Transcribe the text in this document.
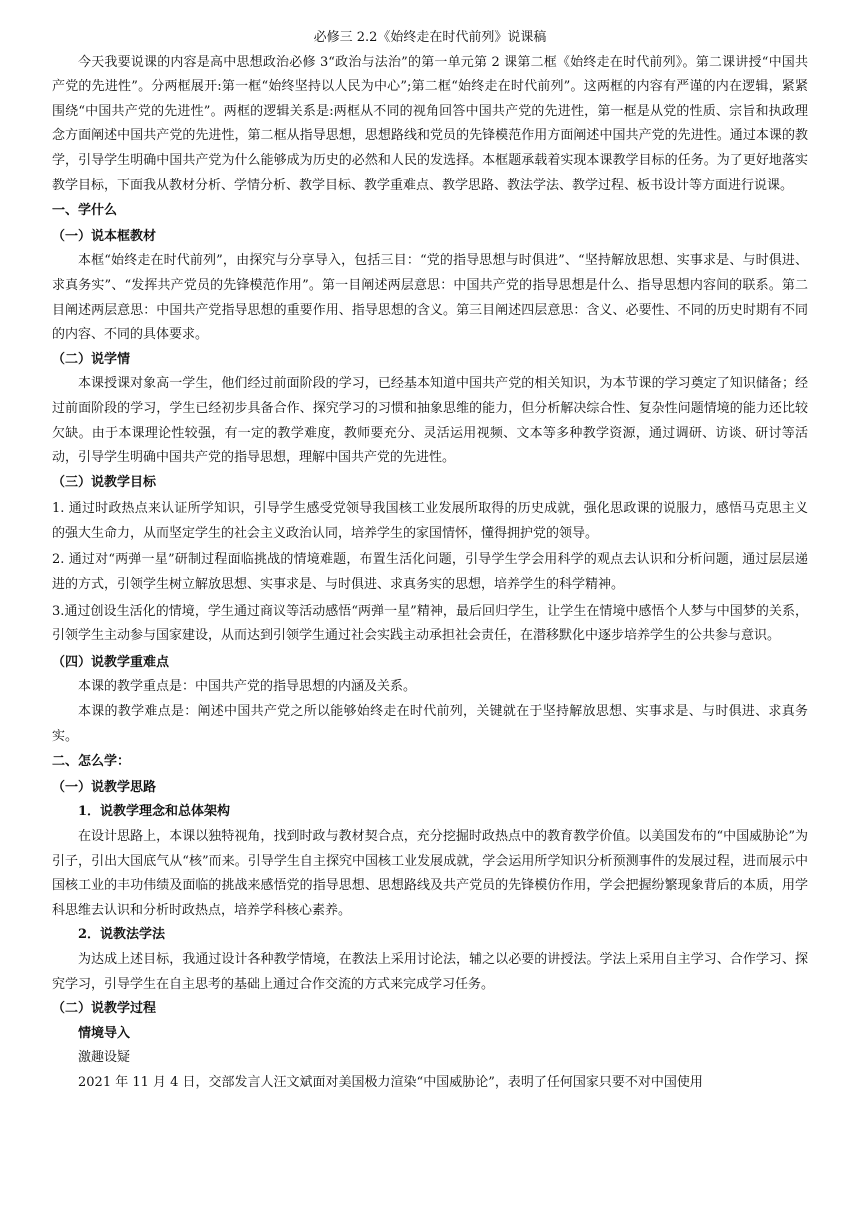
必修三 2.2《始终走在时代前列》说课稿

今天我要说课的内容是高中思想政治必修 3“政治与法治”的第一单元第 2 课第二框《始终走在时代前列》。第二课讲授“中国共产党的先进性”。分两框展开:第一框“始终坚持以人民为中心”;第二框“始终走在时代前列”。这两框的内容有严谨的内在逻辑，紧紧围绕“中国共产党的先进性”。两框的逻辑关系是:两框从不同的视角回答中国共产党的先进性，第一框是从党的性质、宗旨和执政理念方面阐述中国共产党的先进性，第二框从指导思想，思想路线和党员的先锋模范作用方面阐述中国共产党的先进性。通过本课的教学，引导学生明确中国共产党为什么能够成为历史的必然和人民的发选择。本框题承载着实现本课教学目标的任务。为了更好地落实教学目标，下面我从教材分析、学情分析、教学目标、教学重难点、教学思路、教法学法、教学过程、板书设计等方面进行说课。

一、学什么

（一）说本框教材

本框“始终走在时代前列”，由探究与分享导入，包括三目：“党的指导思想与时俱进”、“坚持解放思想、实事求是、与时俱进、求真务实”、“发挥共产党员的先锋模范作用”。第一目阐述两层意思：中国共产党的指导思想是什么、指导思想内容间的联系。第二目阐述两层意思：中国共产党指导思想的重要作用、指导思想的含义。第三目阐述四层意思：含义、必要性、不同的历史时期有不同的内容、不同的具体要求。

（二）说学情

本课授课对象高一学生，他们经过前面阶段的学习，已经基本知道中国共产党的相关知识，为本节课的学习奠定了知识储备；经过前面阶段的学习，学生已经初步具备合作、探究学习的习惯和抽象思维的能力，但分析解决综合性、复杂性问题情境的能力还比较欠缺。由于本课理论性较强，有一定的教学难度，教师要充分、灵活运用视频、文本等多种教学资源，通过调研、访谈、研讨等活动，引导学生明确中国共产党的指导思想，理解中国共产党的先进性。

（三）说教学目标

1. 通过时政热点来认证所学知识，引导学生感受党领导我国核工业发展所取得的历史成就，强化思政课的说服力，感悟马克思主义的强大生命力，从而坚定学生的社会主义政治认同，培养学生的家国情怀，懂得拥护党的领导。

2. 通过对“两弹一星”研制过程面临挑战的情境难题，布置生活化问题，引导学生学会用科学的观点去认识和分析问题，通过层层递进的方式，引领学生树立解放思想、实事求是、与时俱进、求真务实的思想，培养学生的科学精神。

3.通过创设生活化的情境，学生通过商议等活动感悟“两弹一星”精神，最后回归学生，让学生在情境中感悟个人梦与中国梦的关系，引领学生主动参与国家建设，从而达到引领学生通过社会实践主动承担社会责任，在潜移默化中逐步培养学生的公共参与意识。

（四）说教学重难点

本课的教学重点是：中国共产党的指导思想的内涵及关系。

本课的教学难点是：阐述中国共产党之所以能够始终走在时代前列，关键就在于坚持解放思想、实事求是、与时俱进、求真务实。

二、怎么学：

（一）说教学思路

1．说教学理念和总体架构

在设计思路上，本课以独特视角，找到时政与教材契合点，充分挖掘时政热点中的教育教学价值。以美国发布的“中国威胁论”为引子，引出大国底气从“核”而来。引导学生自主探究中国核工业发展成就，学会运用所学知识分析预测事件的发展过程，进而展示中国核工业的丰功伟绩及面临的挑战来感悟党的指导思想、思想路线及共产党员的先锋模仿作用，学会把握纷繁现象背后的本质，用学科思维去认识和分析时政热点，培养学科核心素养。

2．说教法学法

为达成上述目标，我通过设计各种教学情境，在教法上采用讨论法，辅之以必要的讲授法。学法上采用自主学习、合作学习、探究学习，引导学生在自主思考的基础上通过合作交流的方式来完成学习任务。

（二）说教学过程

情境导入

激趣设疑

2021 年 11 月 4 日，交部发言人汪文斌面对美国极力渲染“中国威胁论”，表明了任何国家只要不对中国使用
